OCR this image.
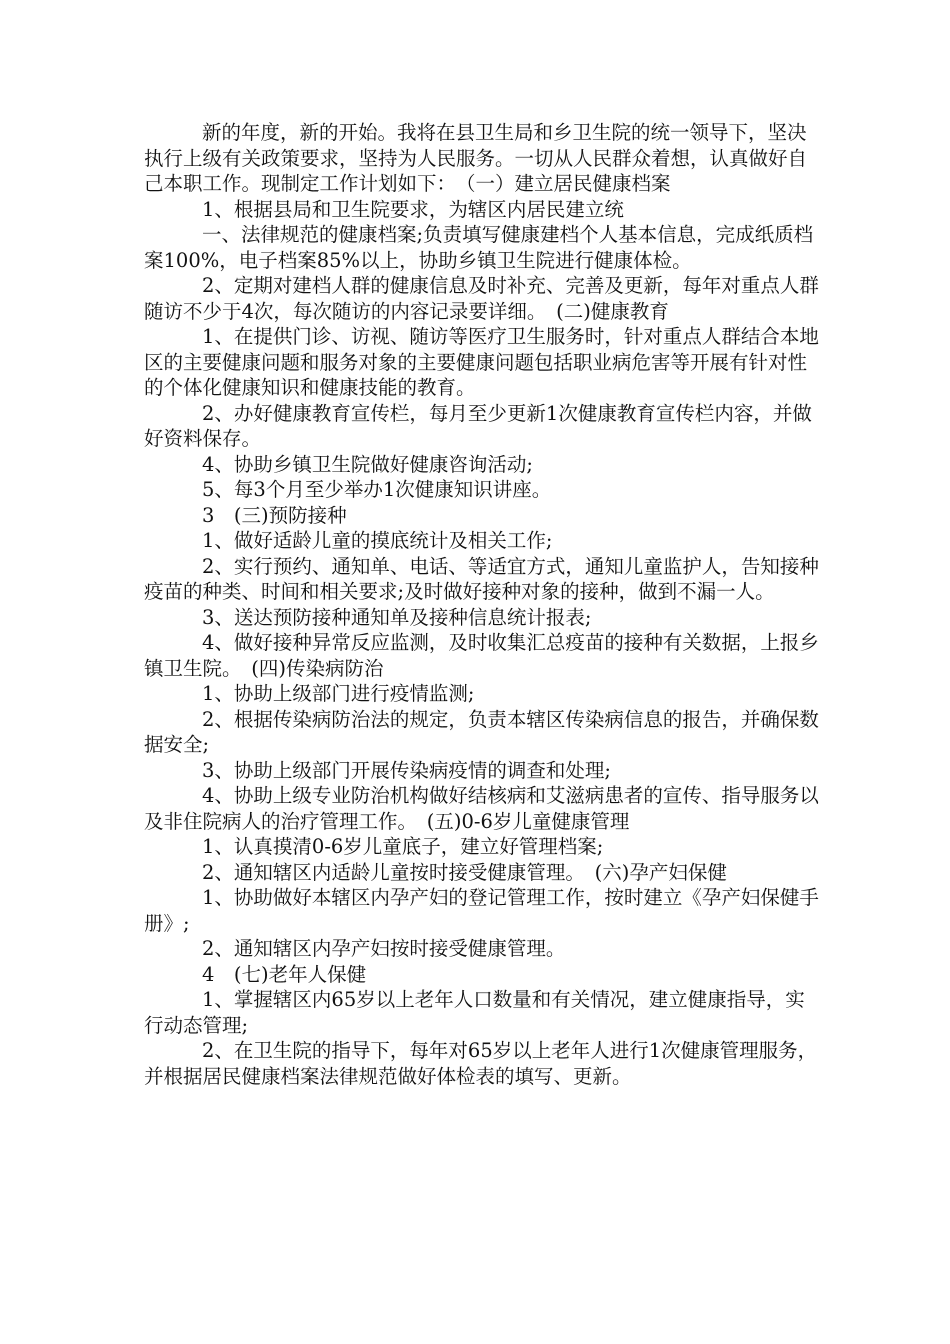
新的年度，新的开始。我将在县卫生局和乡卫生院的统一领导下，坚决执行上级有关政策要求，坚持为人民服务。一切从人民群众着想，认真做好自己本职工作。现制定工作计划如下：　（一）建立居民健康档案

1、根据县局和卫生院要求，为辖区内居民建立统

一、法律规范的健康档案;负责填写健康建档个人基本信息，完成纸质档案100%，电子档案85%以上，协助乡镇卫生院进行健康体检。

2、定期对建档人群的健康信息及时补充、完善及更新，每年对重点人群随访不少于4次，每次随访的内容记录要详细。　(二)健康教育

1、在提供门诊、访视、随访等医疗卫生服务时，针对重点人群结合本地区的主要健康问题和服务对象的主要健康问题包括职业病危害等开展有针对性的个体化健康知识和健康技能的教育。

2、办好健康教育宣传栏，每月至少更新1次健康教育宣传栏内容，并做好资料保存。

4、协助乡镇卫生院做好健康咨询活动;

5、每3个月至少举办1次健康知识讲座。

3　(三)预防接种

1、做好适龄儿童的摸底统计及相关工作;

2、实行预约、通知单、电话、等适宜方式，通知儿童监护人，告知接种疫苗的种类、时间和相关要求;及时做好接种对象的接种，做到不漏一人。

3、送达预防接种通知单及接种信息统计报表;

4、做好接种异常反应监测，及时收集汇总疫苗的接种有关数据，上报乡镇卫生院。　(四)传染病防治

1、协助上级部门进行疫情监测;

2、根据传染病防治法的规定，负责本辖区传染病信息的报告，并确保数据安全;

3、协助上级部门开展传染病疫情的调查和处理;

4、协助上级专业防治机构做好结核病和艾滋病患者的宣传、指导服务以及非住院病人的治疗管理工作。　(五)0-6岁儿童健康管理

1、认真摸清0-6岁儿童底子，建立好管理档案;

2、通知辖区内适龄儿童按时接受健康管理。　(六)孕产妇保健

1、协助做好本辖区内孕产妇的登记管理工作，按时建立《孕产妇保健手册》;

2、通知辖区内孕产妇按时接受健康管理。

4　(七)老年人保健

1、掌握辖区内65岁以上老年人口数量和有关情况，建立健康指导，实行动态管理;

2、在卫生院的指导下，每年对65岁以上老年人进行1次健康管理服务，并根据居民健康档案法律规范做好体检表的填写、更新。
